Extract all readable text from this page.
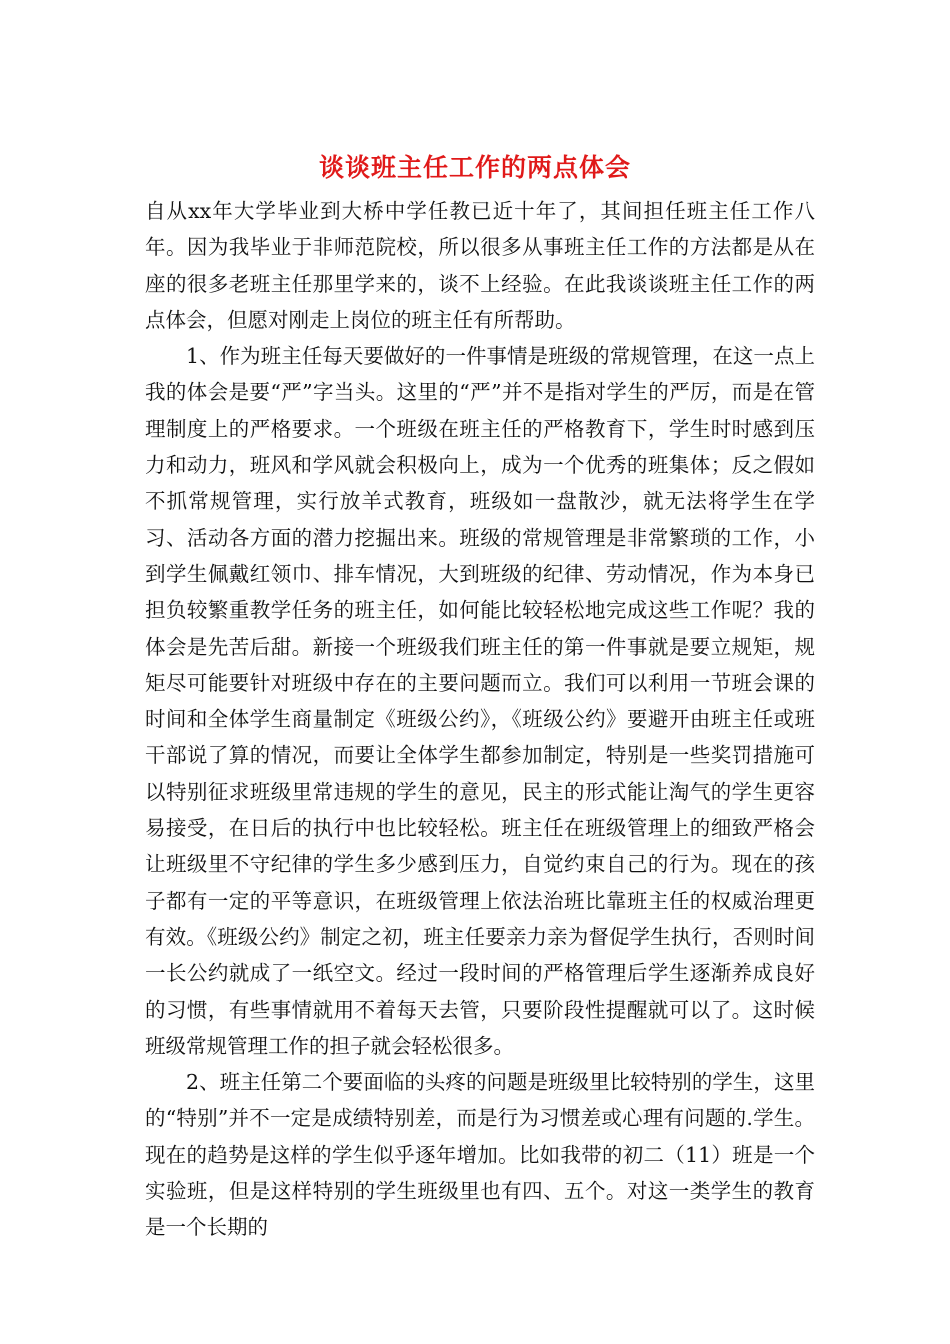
谈谈班主任工作的两点体会

自从xx年大学毕业到大桥中学任教已近十年了，其间担任班主任工作八年。因为我毕业于非师范院校，所以很多从事班主任工作的方法都是从在座的很多老班主任那里学来的，谈不上经验。在此我谈谈班主任工作的两点体会，但愿对刚走上岗位的班主任有所帮助。

1、作为班主任每天要做好的一件事情是班级的常规管理，在这一点上我的体会是要“严”字当头。这里的“严”并不是指对学生的严厉，而是在管理制度上的严格要求。一个班级在班主任的严格教育下，学生时时感到压力和动力，班风和学风就会积极向上，成为一个优秀的班集体；反之假如不抓常规管理，实行放羊式教育，班级如一盘散沙，就无法将学生在学习、活动各方面的潜力挖掘出来。班级的常规管理是非常繁琐的工作，小到学生佩戴红领巾、排车情况，大到班级的纪律、劳动情况，作为本身已担负较繁重教学任务的班主任，如何能比较轻松地完成这些工作呢？我的体会是先苦后甜。新接一个班级我们班主任的第一件事就是要立规矩，规矩尽可能要针对班级中存在的主要问题而立。我们可以利用一节班会课的时间和全体学生商量制定《班级公约》，《班级公约》要避开由班主任或班干部说了算的情况，而要让全体学生都参加制定，特别是一些奖罚措施可以特别征求班级里常违规的学生的意见，民主的形式能让淘气的学生更容易接受，在日后的执行中也比较轻松。班主任在班级管理上的细致严格会让班级里不守纪律的学生多少感到压力，自觉约束自己的行为。现在的孩子都有一定的平等意识，在班级管理上依法治班比靠班主任的权威治理更有效。《班级公约》制定之初，班主任要亲力亲为督促学生执行，否则时间一长公约就成了一纸空文。经过一段时间的严格管理后学生逐渐养成良好的习惯，有些事情就用不着每天去管，只要阶段性提醒就可以了。这时候班级常规管理工作的担子就会轻松很多。

2、班主任第二个要面临的头疼的问题是班级里比较特别的学生，这里的“特别”并不一定是成绩特别差，而是行为习惯差或心理有问题的.学生。现在的趋势是这样的学生似乎逐年增加。比如我带的初二（11）班是一个实验班，但是这样特别的学生班级里也有四、五个。对这一类学生的教育是一个长期的
